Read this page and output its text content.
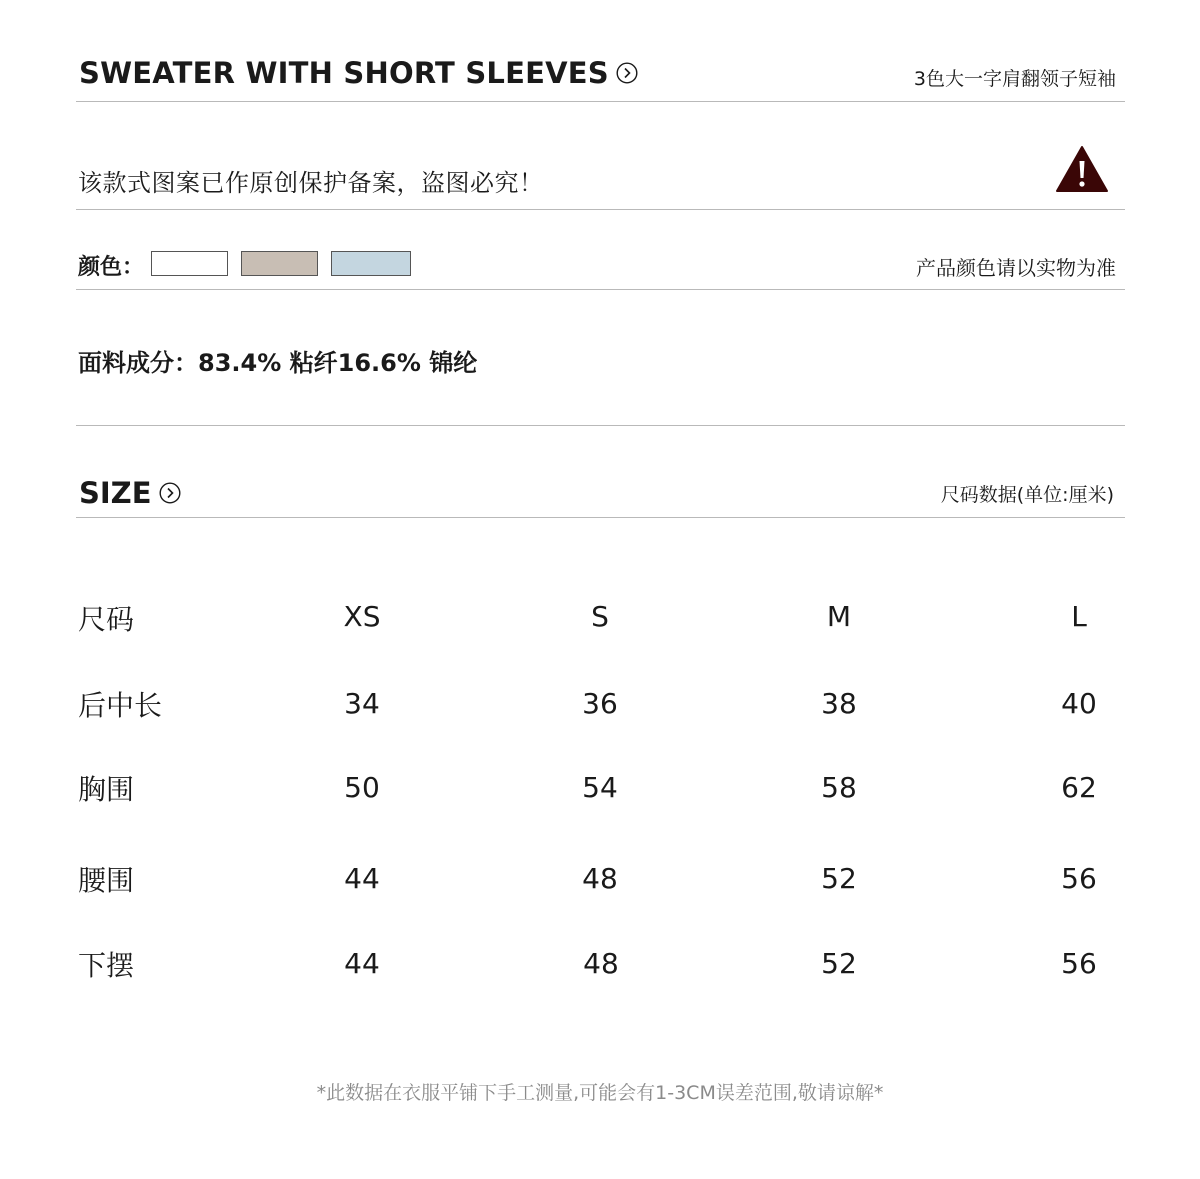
SWEATER WITH SHORT SLEEVES	3色大一字肩翻领子短袖
该款式图案已作原创保护备案，盗图必究！
颜色：	产品颜色请以实物为准
面料成分：83.4% 粘纤16.6% 锦纶
SIZE	尺码数据(单位:厘米)
尺码	XS	S	M	L
后中长	34	36	38	40
胸围	50	54	58	62
腰围	44	48	52	56
下摆	44	48	52	56
*此数据在衣服平铺下手工测量,可能会有1-3CM误差范围,敬请谅解*
